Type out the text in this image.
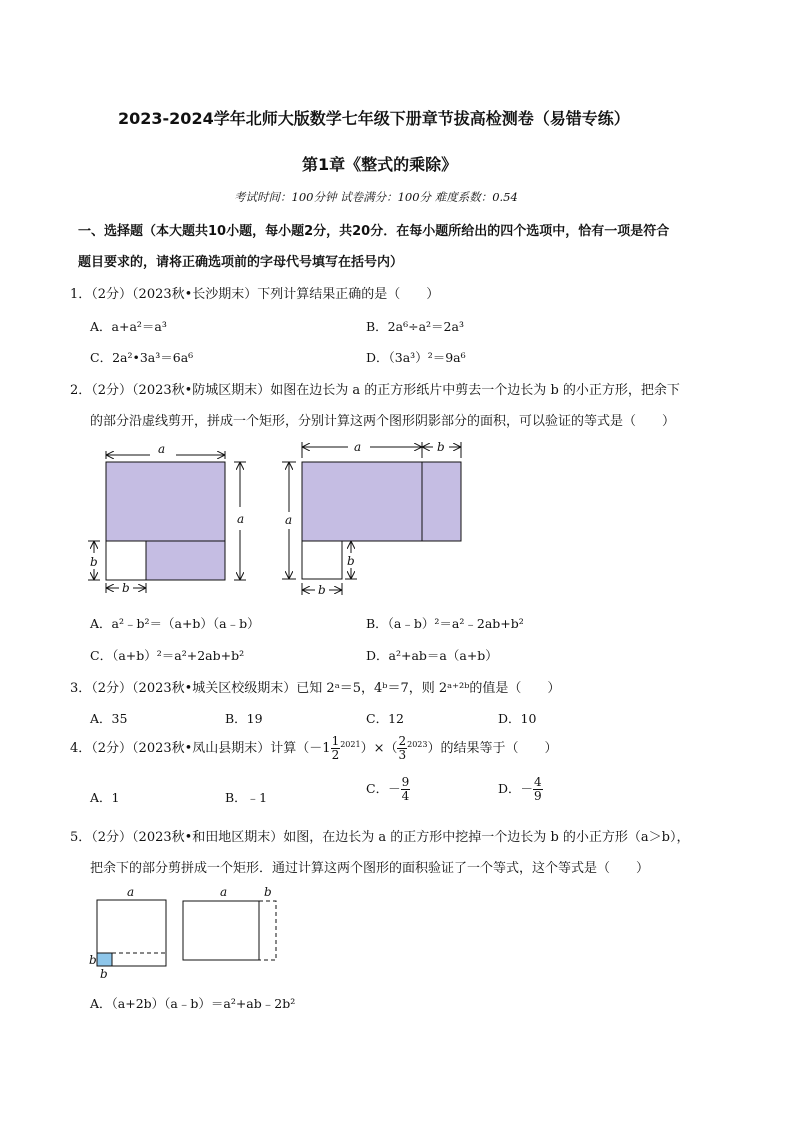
2023-2024学年北师大版数学七年级下册章节拔高检测卷（易错专练）
第1章《整式的乘除》
考试时间：100分钟 试卷满分：100分 难度系数：0.54
一、选择题（本大题共10小题，每小题2分，共20分．在每小题所给出的四个选项中，恰有一项是符合
题目要求的，请将正确选项前的字母代号填写在括号内）
1．（2分）（2023秋•长沙期末）下列计算结果正确的是（　　）
A．a+a²＝a³	B．2a⁶÷a²＝2a³
C．2a²•3a³＝6a⁶	D．（3a³）²＝9a⁶
2．（2分）（2023秋•防城区期末）如图在边长为 a 的正方形纸片中剪去一个边长为 b 的小正方形，把余下
的部分沿虚线剪开，拼成一个矩形，分别计算这两个图形阴影部分的面积，可以验证的等式是（　　）
a
a
b
b
a	b
a
b
b
A．a²﹣b²＝（a+b）（a﹣b）	B．（a﹣b）²＝a²﹣2ab+b²
C．（a+b）²＝a²+2ab+b²	D．a²+ab＝a（a+b）
3．（2分）（2023秋•城关区校级期末）已知 2ᵃ＝5，4ᵇ＝7，则 2ᵃ⁺²ᵇ的值是（　　）
A．35	B．19	C．12	D．10
4．（2分）（2023秋•凤山县期末）计算$(-1 \frac{1}{2} ^{2021})\times( \frac{2}{3} ^{2023})$的结果等于（　　）
A．1	B．﹣1
C．－ $\frac{9}{4}$	D．－ $\frac{4}{9}$
5．（2分）（2023秋•和田地区期末）如图，在边长为 a 的正方形中挖掉一个边长为 b 的小正方形（a＞b），
把余下的部分剪拼成一个矩形．通过计算这两个图形的面积验证了一个等式，这个等式是（　　）
a
b
b
a	b
A．（a+2b）（a﹣b）＝a²+ab﹣2b²
